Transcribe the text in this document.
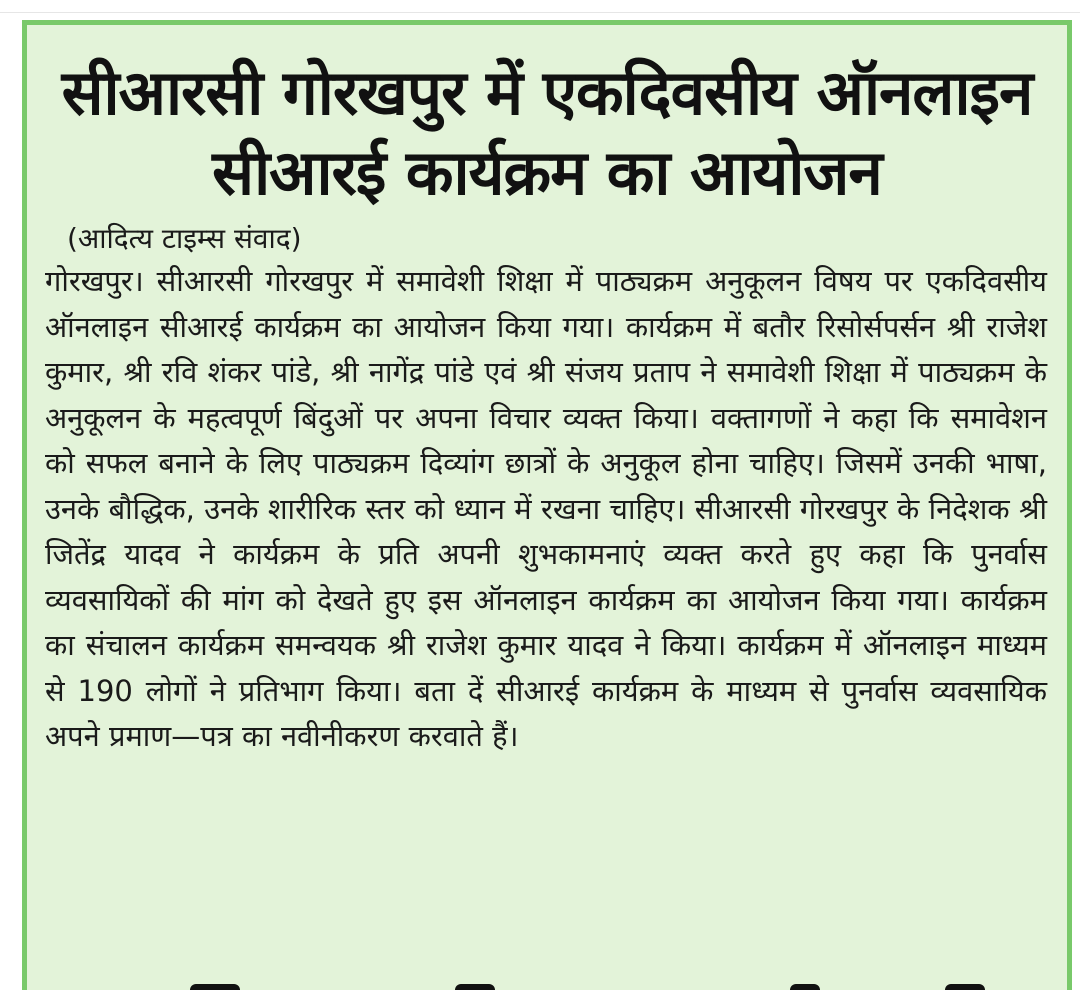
सीआरसी गोरखपुर में एकदिवसीय ऑनलाइन
सीआरई कार्यक्रम का आयोजन

(आदित्य टाइम्स संवाद)

गोरखपुर। सीआरसी गोरखपुर में समावेशी शिक्षा में पाठ्यक्रम अनुकूलन विषय पर एकदिवसीय ऑनलाइन सीआरई कार्यक्रम का आयोजन किया गया। कार्यक्रम में बतौर रिसोर्सपर्सन श्री राजेश कुमार, श्री रवि शंकर पांडे, श्री नागेंद्र पांडे एवं श्री संजय प्रताप ने समावेशी शिक्षा में पाठ्यक्रम के अनुकूलन के महत्वपूर्ण बिंदुओं पर अपना विचार व्यक्त किया। वक्तागणों ने कहा कि समावेशन को सफल बनाने के लिए पाठ्यक्रम दिव्यांग छात्रों के अनुकूल होना चाहिए। जिसमें उनकी भाषा, उनके बौद्धिक, उनके शारीरिक स्तर को ध्यान में रखना चाहिए। सीआरसी गोरखपुर के निदेशक श्री जितेंद्र यादव ने कार्यक्रम के प्रति अपनी शुभकामनाएं व्यक्त करते हुए कहा कि पुनर्वास व्यवसायिकों की मांग को देखते हुए इस ऑनलाइन कार्यक्रम का आयोजन किया गया। कार्यक्रम का संचालन कार्यक्रम समन्वयक श्री राजेश कुमार यादव ने किया। कार्यक्रम में ऑनलाइन माध्यम से 190 लोगों ने प्रतिभाग किया। बता दें सीआरई कार्यक्रम के माध्यम से पुनर्वास व्यवसायिक अपने प्रमाण—पत्र का नवीनीकरण करवाते हैं।
